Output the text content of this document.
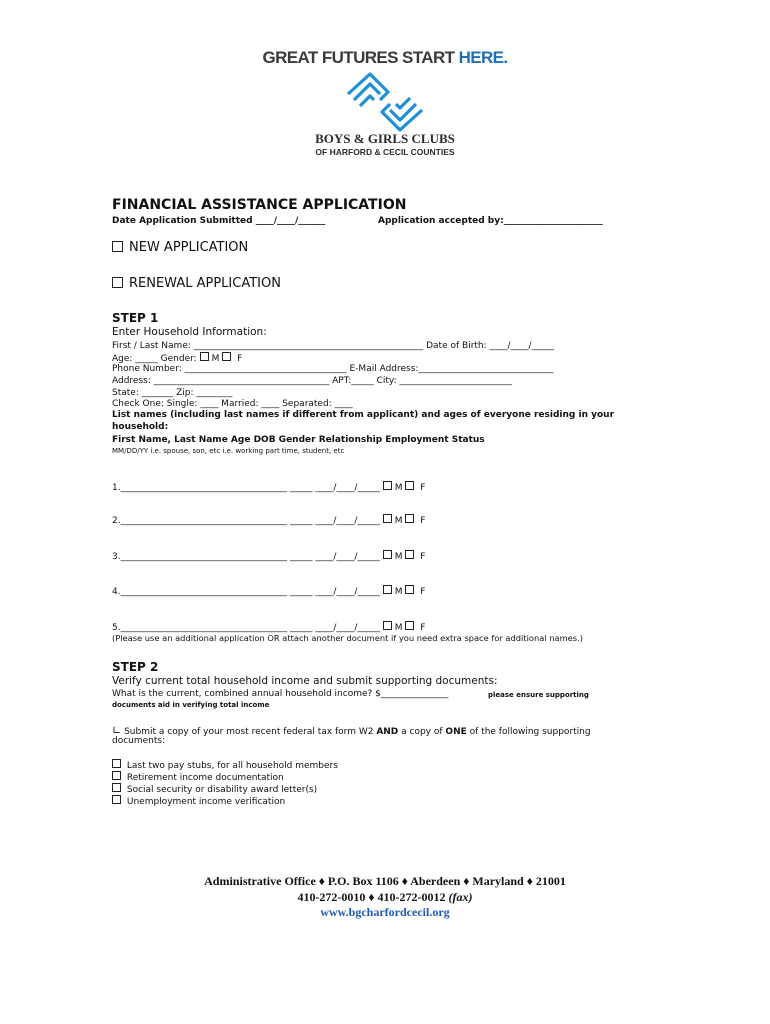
GREAT FUTURES START HERE.
BOYS & GIRLS CLUBS
OF HARFORD & CECIL COUNTIES
FINANCIAL ASSISTANCE APPLICATION
Date Application Submitted ____/____/______	Application accepted by:______________________
NEW APPLICATION
RENEWAL APPLICATION
STEP 1
Enter Household Information:
First / Last Name: ___________________________________________________ Date of Birth: ____/____/_____
Age: _____ Gender: M F
Phone Number: ____________________________________ E-Mail Address:______________________________
Address: _______________________________________ APT:_____ City: _________________________
State: _______ Zip: ________
Check One: Single: ____ Married: ____ Separated: ____
List names (including last names if different from applicant) and ages of everyone residing in your
household:
First Name, Last Name Age DOB Gender Relationship Employment Status
MM/DD/YY i.e. spouse, son, etc i.e. working part time, student, etc
1._____________________________________ _____ ____/____/_____ M F
2._____________________________________ _____ ____/____/_____ M F
3._____________________________________ _____ ____/____/_____ M F
4._____________________________________ _____ ____/____/_____ M F
5._____________________________________ _____ ____/____/_____ M F
(Please use an additional application OR attach another document if you need extra space for additional names.)
STEP 2
Verify current total household income and submit supporting documents:
What is the current, combined annual household income? $_______________	please ensure supporting
documents aid in verifying total income
∟ Submit a copy of your most recent federal tax form W2 AND a copy of ONE of the following supporting
documents:
Last two pay stubs, for all household members
Retirement income documentation
Social security or disability award letter(s)
Unemployment income verification
Administrative Office ♦ P.O. Box 1106 ♦ Aberdeen ♦ Maryland ♦ 21001
410-272-0010 ♦ 410-272-0012 (fax)
www.bgcharfordcecil.org
